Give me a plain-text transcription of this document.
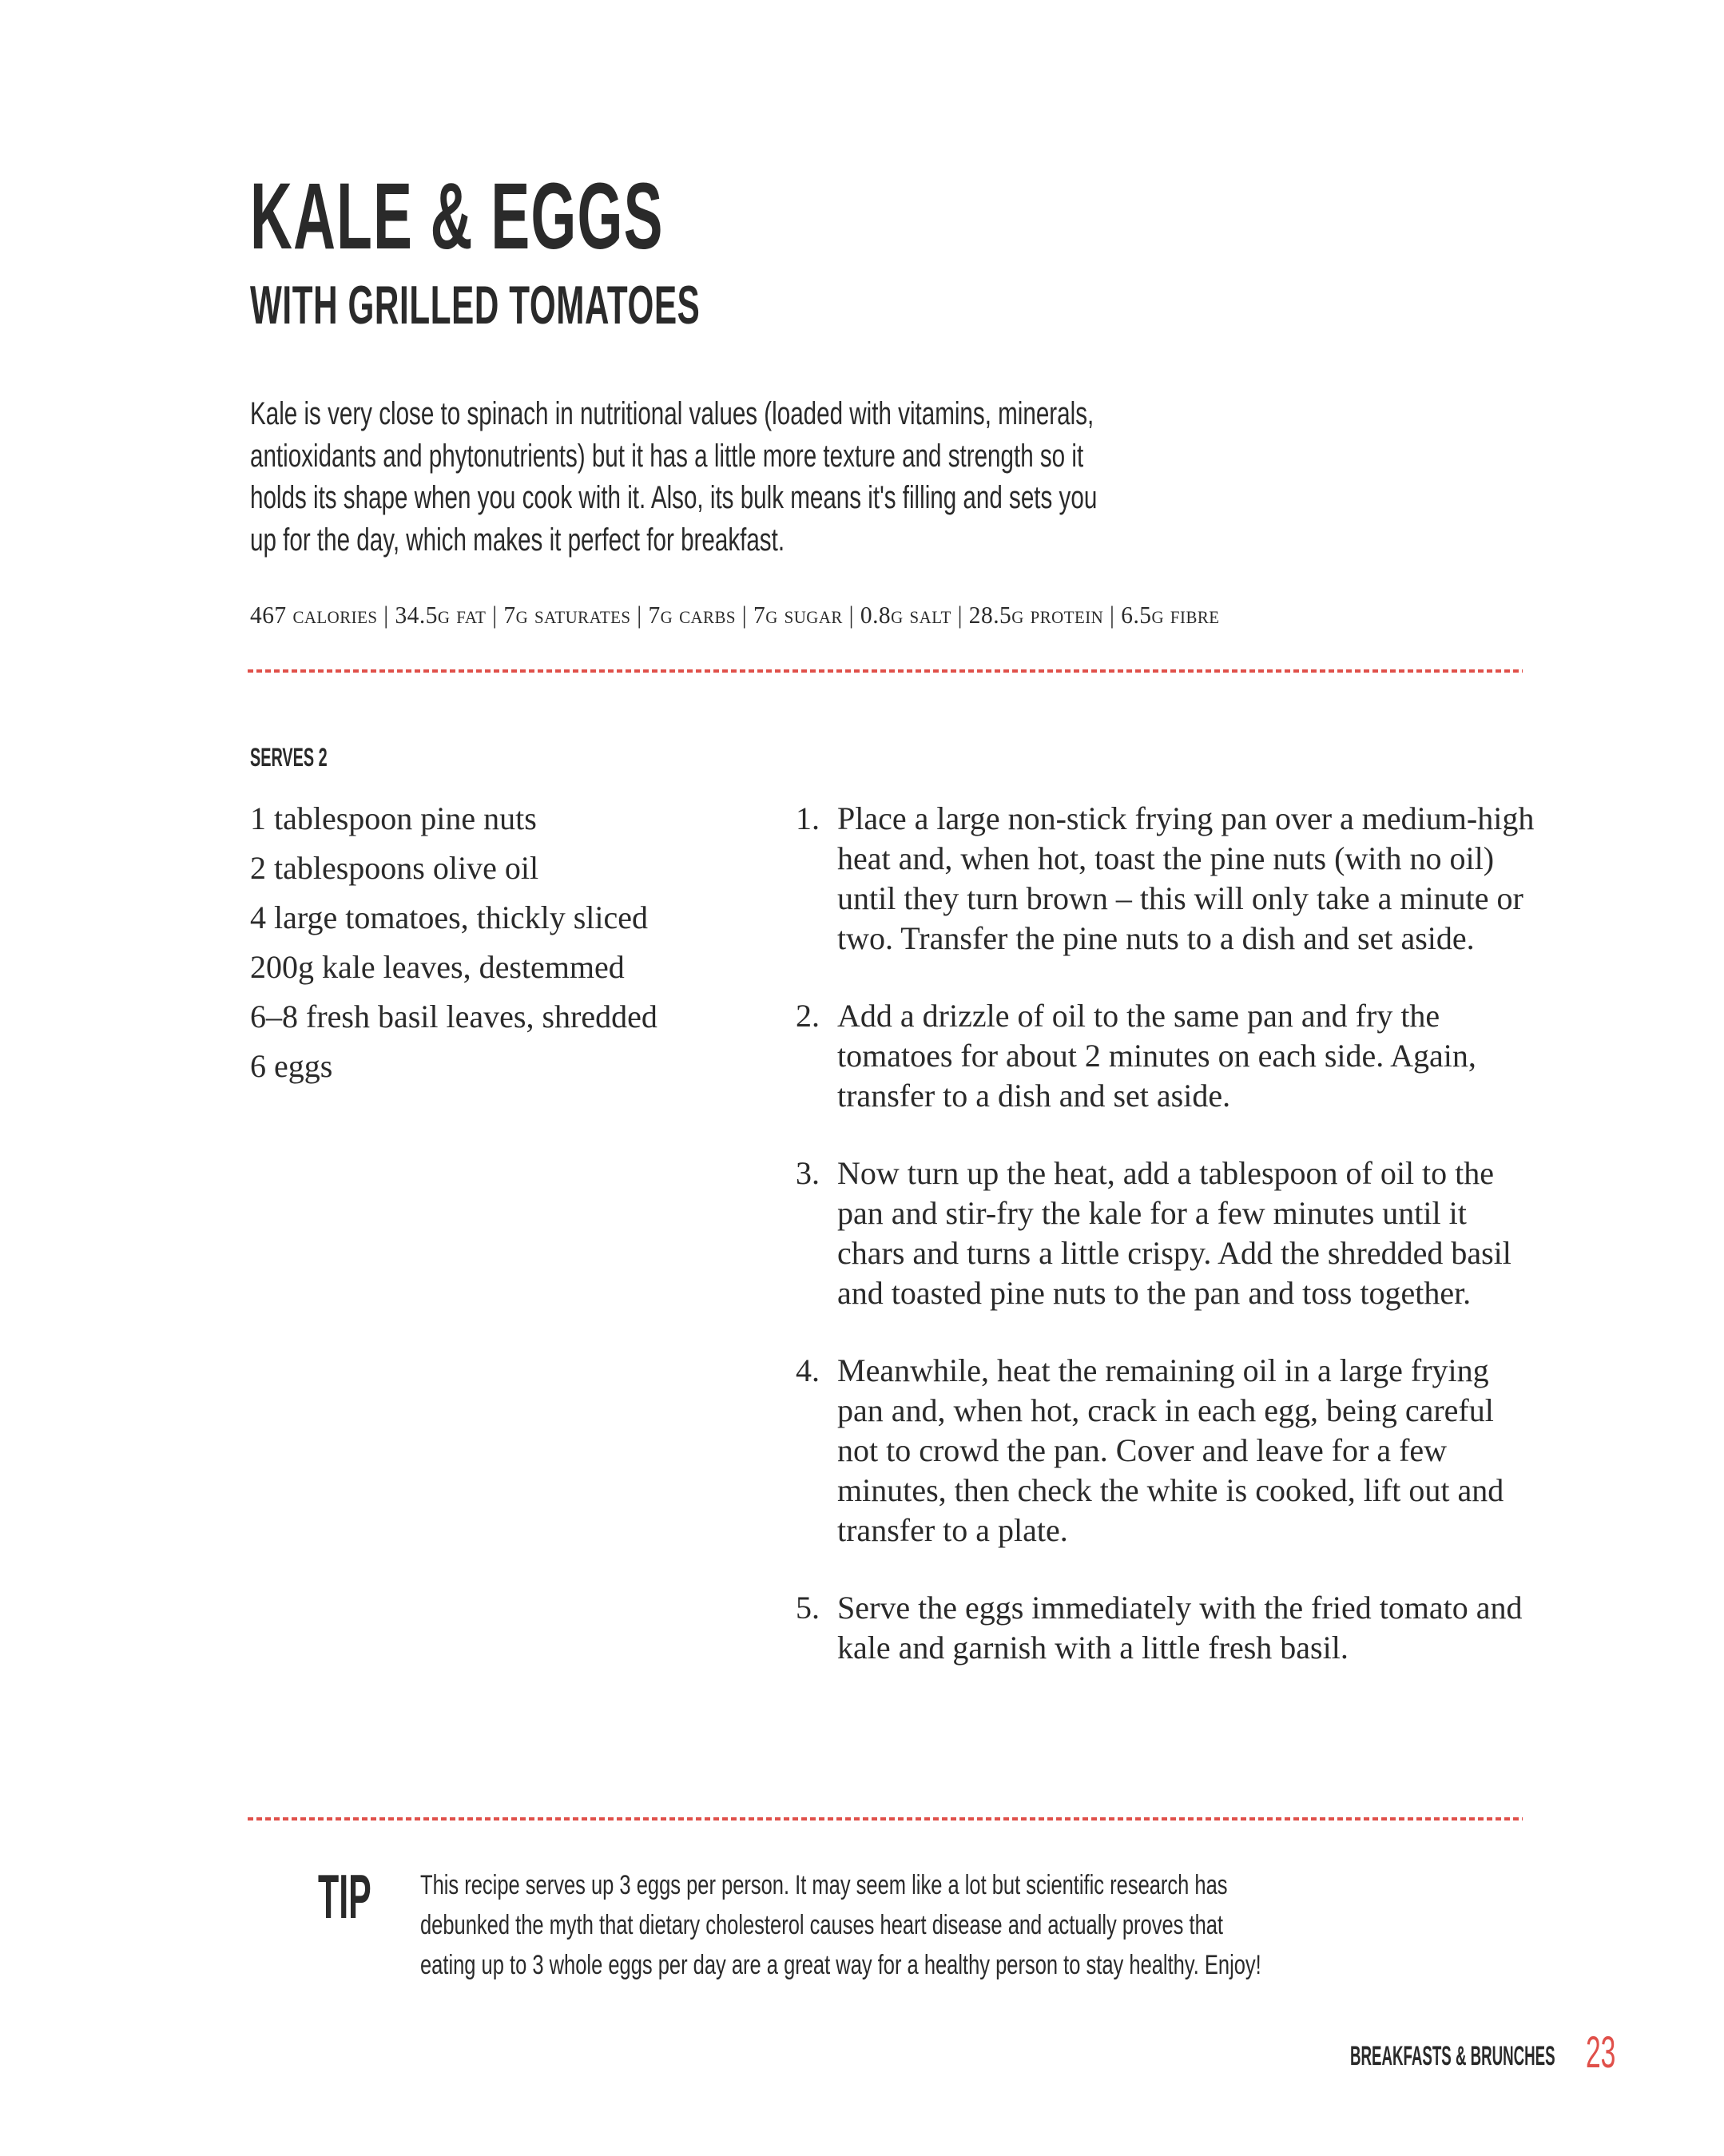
KALE & EGGS
WITH GRILLED TOMATOES
Kale is very close to spinach in nutritional values (loaded with vitamins, minerals,
antioxidants and phytonutrients) but it has a little more texture and strength so it
holds its shape when you cook with it. Also, its bulk means it's filling and sets you
up for the day, which makes it perfect for breakfast.
467 calories | 34.5g fat | 7g saturates | 7g carbs | 7g sugar | 0.8g salt | 28.5g protein | 6.5g fibre
SERVES 2
1 tablespoon pine nuts
2 tablespoons olive oil
4 large tomatoes, thickly sliced
200g kale leaves, destemmed
6–8 fresh basil leaves, shredded
6 eggs
1. Place a large non-stick frying pan over a medium-high heat and, when hot, toast the pine nuts (with no oil) until they turn brown – this will only take a minute or two. Transfer the pine nuts to a dish and set aside.
2. Add a drizzle of oil to the same pan and fry the tomatoes for about 2 minutes on each side. Again, transfer to a dish and set aside.
3. Now turn up the heat, add a tablespoon of oil to the pan and stir-fry the kale for a few minutes until it chars and turns a little crispy. Add the shredded basil and toasted pine nuts to the pan and toss together.
4. Meanwhile, heat the remaining oil in a large frying pan and, when hot, crack in each egg, being careful not to crowd the pan. Cover and leave for a few minutes, then check the white is cooked, lift out and transfer to a plate.
5. Serve the eggs immediately with the fried tomato and kale and garnish with a little fresh basil.
TIP	This recipe serves up 3 eggs per person. It may seem like a lot but scientific research has
debunked the myth that dietary cholesterol causes heart disease and actually proves that
eating up to 3 whole eggs per day are a great way for a healthy person to stay healthy. Enjoy!
BREAKFASTS & BRUNCHES 23
